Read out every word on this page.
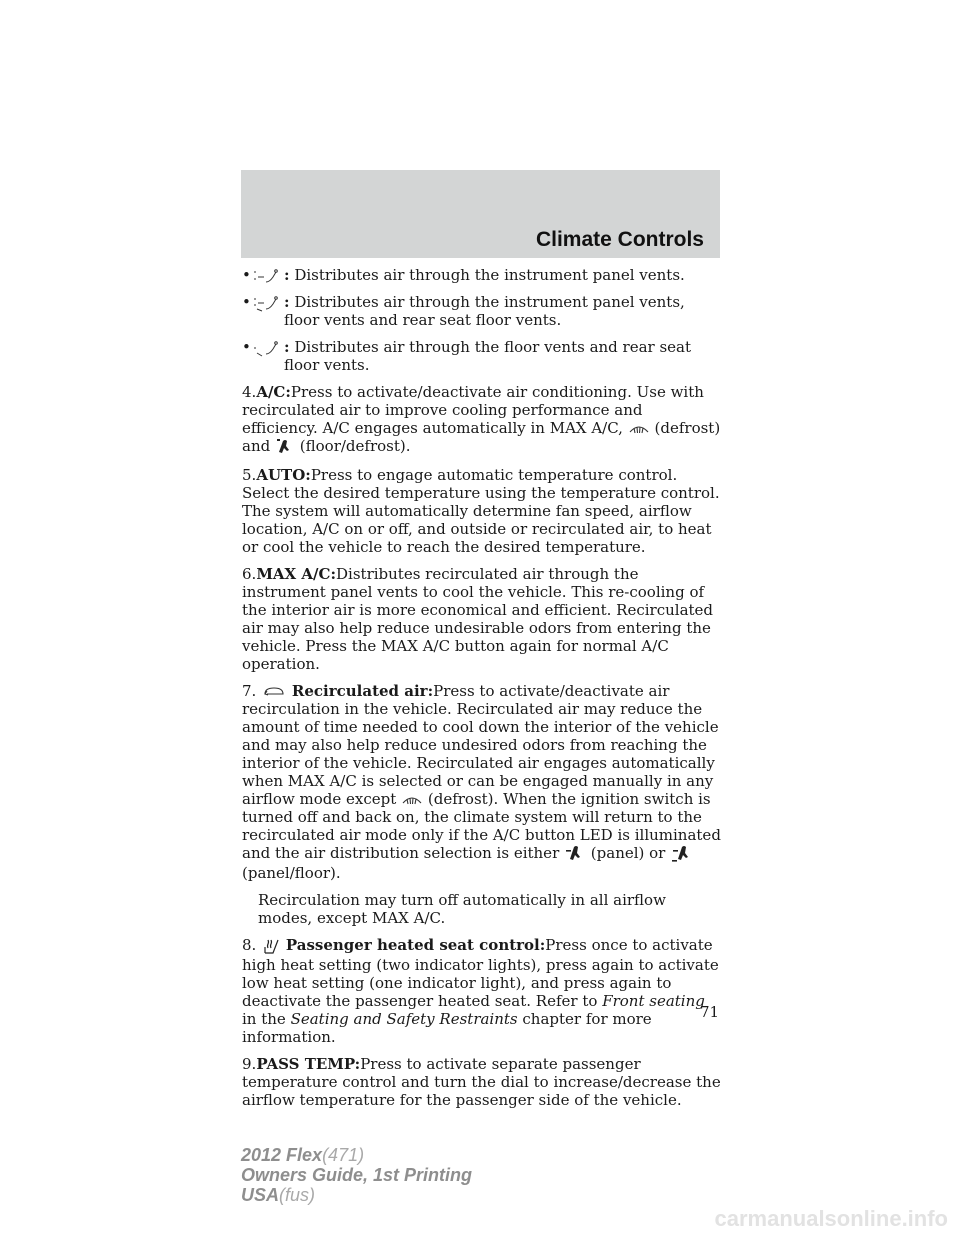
Climate Controls

•	: Distributes air through the instrument panel vents.

•	: Distributes air through the instrument panel vents, floor vents and rear seat floor vents.

•	: Distributes air through the floor vents and rear seat floor vents.

4.A/C:Press to activate/deactivate air conditioning. Use with recirculated air to improve cooling performance and efficiency. A/C engages automatically in MAX A/C, (defrost)
and (floor/defrost).

5.AUTO:Press to engage automatic temperature control. Select the desired temperature using the temperature control. The system will automatically determine fan speed, airflow location, A/C on or off, and outside or recirculated air, to heat or cool the vehicle to reach the desired temperature.

6.MAX A/C:Distributes recirculated air through the instrument panel vents to cool the vehicle. This re-cooling of the interior air is more economical and efficient. Recirculated air may also help reduce undesirable odors from entering the vehicle. Press the MAX A/C button again for normal A/C operation.

7. Recirculated air:Press to activate/deactivate air recirculation in the vehicle. Recirculated air may reduce the amount of time needed to cool down the interior of the vehicle and may also help reduce undesired odors from reaching the interior of the vehicle. Recirculated air engages automatically when MAX A/C is selected or can be engaged manually in any airflow mode except (defrost). When the ignition switch is turned off and back on, the climate system will return to the recirculated air mode only if the A/C button LED is illuminated and the air distribution selection is either (panel) or  (panel/floor).

Recirculation may turn off automatically in all airflow modes, except MAX A/C.

8. Passenger heated seat control:Press once to activate high heat setting (two indicator lights), press again to activate low heat setting (one indicator light), and press again to deactivate the passenger heated seat. Refer to Front seating in the Seating and Safety Restraints chapter for more information.

9.PASS TEMP:Press to activate separate passenger temperature control and turn the dial to increase/decrease the airflow temperature for the passenger side of the vehicle.

71
2012 Flex(471)
Owners Guide, 1st Printing
USA(fus)
carmanualsonline.info
